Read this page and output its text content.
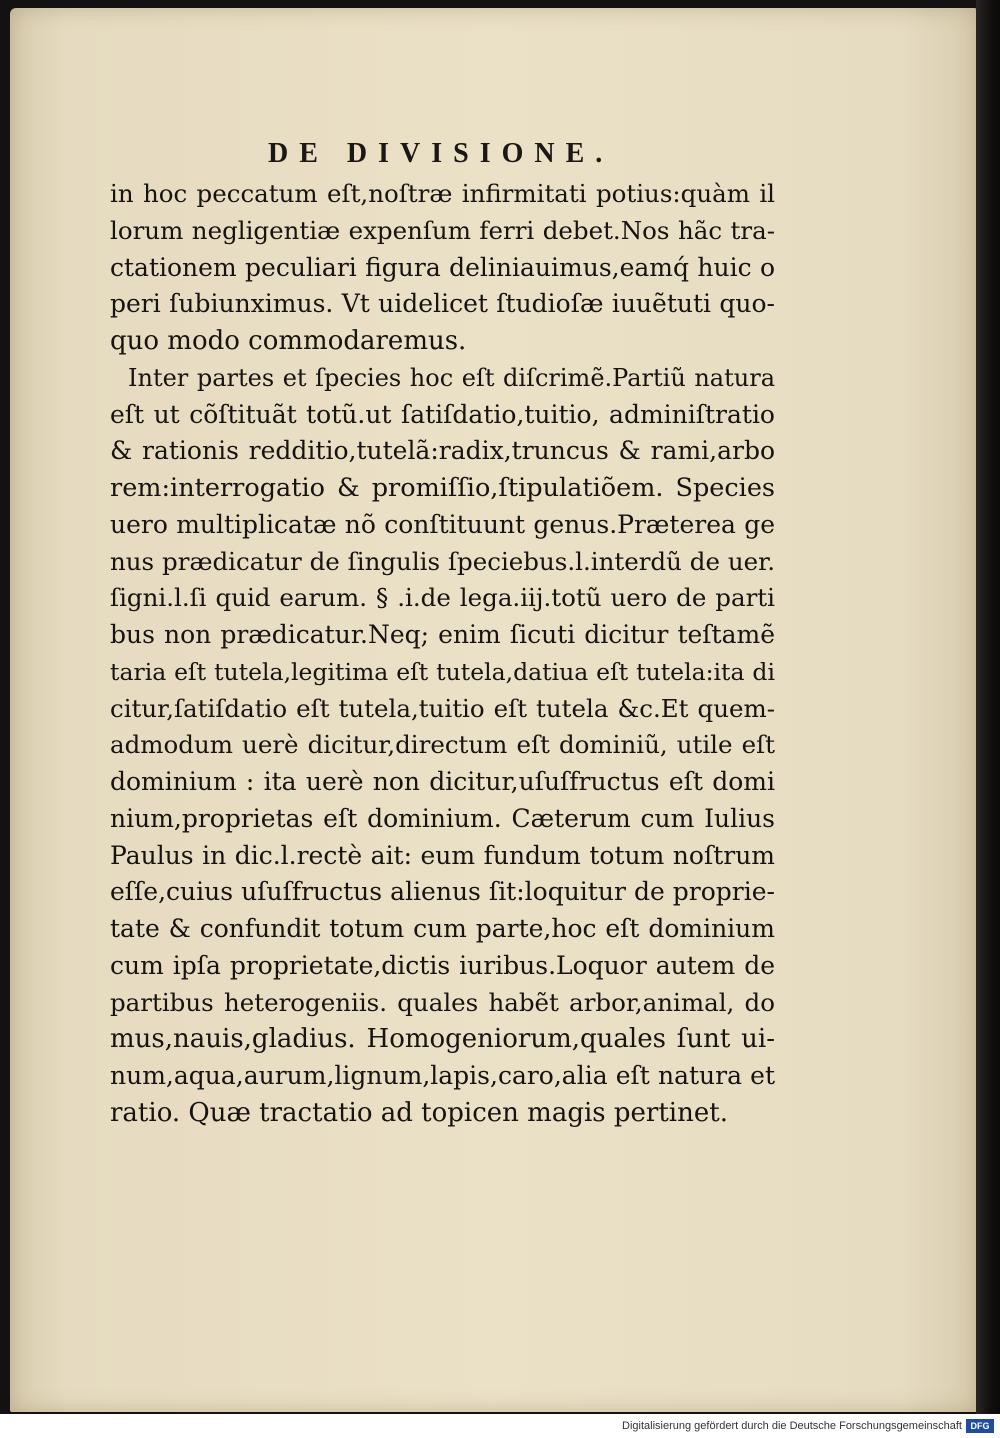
DE DIVISIONE.
in hoc peccatum eſt,noſtræ infirmitati potius:quàm il
lorum negligentiæ expenſum ferri debet.Nos hãc tra-
ctationem peculiari figura deliniauimus,eamq́ huic o
peri ſubiunximus. Vt uidelicet ſtudioſæ iuuẽtuti quo-
quo modo commodaremus.
Inter partes et ſpecies hoc eſt diſcrimẽ.Partiũ natura
eſt ut cõſtituãt totũ.ut ſatiſdatio,tuitio, adminiſtratio
& rationis redditio,tutelã:radix,truncus & rami,arbo
rem:interrogatio & promiſſio,ſtipulatiõem. Species
uero multiplicatæ nõ conſtituunt genus.Præterea ge
nus prædicatur de ſingulis ſpeciebus.l.interdũ de uer.
ſigni.l.ſi quid earum. § .i.de lega.iij.totũ uero de parti
bus non prædicatur.Neq; enim ſicuti dicitur teſtamẽ
taria eſt tutela,legitima eſt tutela,datiua eſt tutela:ita di
citur,ſatiſdatio eſt tutela,tuitio eſt tutela &c.Et quem-
admodum uerè dicitur,directum eſt dominiũ, utile eſt
dominium : ita uerè non dicitur,uſuſfructus eſt domi
nium,proprietas eſt dominium. Cæterum cum Iulius
Paulus in dic.l.rectè ait: eum fundum totum noſtrum
eſſe,cuius uſuſfructus alienus ſit:loquitur de proprie-
tate & confundit totum cum parte,hoc eſt dominium
cum ipſa proprietate,dictis iuribus.Loquor autem de
partibus heterogeniis. quales habẽt arbor,animal, do
mus,nauis,gladius. Homogeniorum,quales ſunt ui-
num,aqua,aurum,lignum,lapis,caro,alia eſt natura et
ratio. Quæ tractatio ad topicen magis pertinet.
Digitalisierung gefördert durch die Deutsche Forschungsgemeinschaft DFG
